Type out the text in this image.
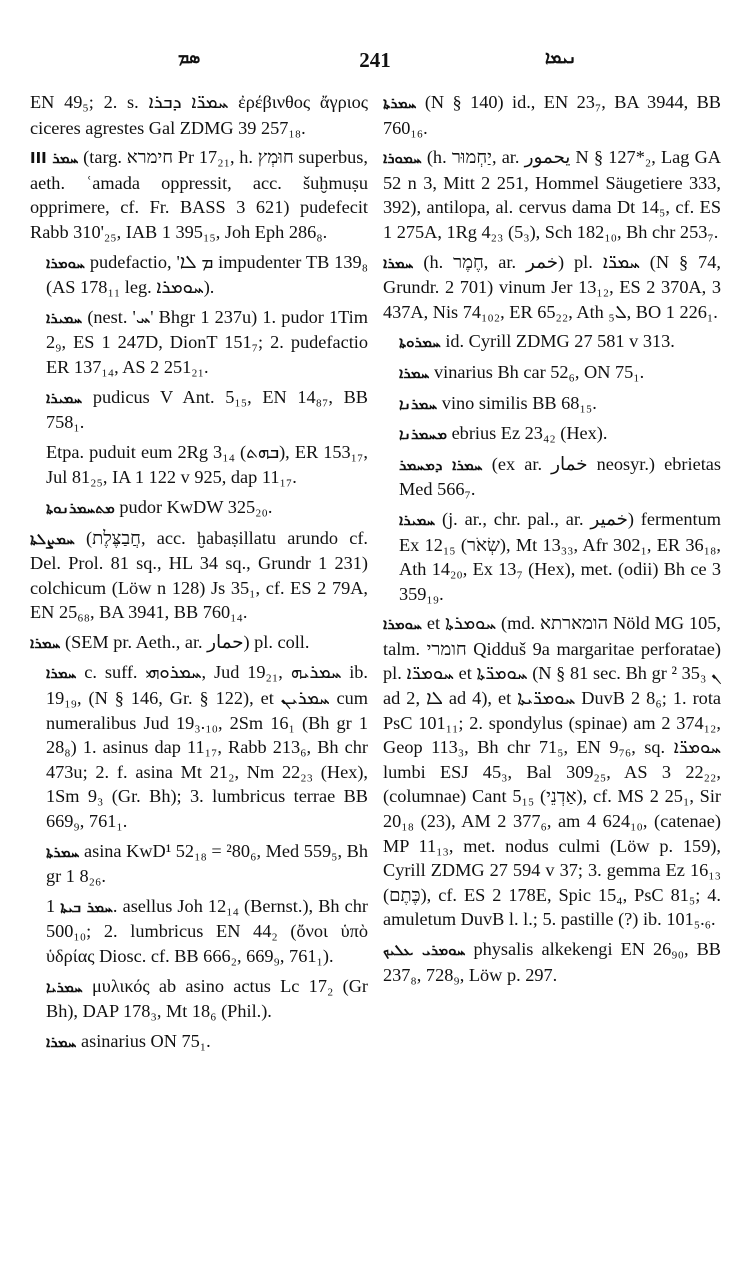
ܣܡ	241	ܢܝܡܐ

EN 49₅; 2. s. ܚܡܪ̈ܐ ܕܒܪܐ ἐρέβινθος ἄγριος ciceres agrestes Gal ZDMG 39 257₁₈.

III ܚܡܪ (targ. חימרא Pr 17₂₁, h. חוּמְץ superbus, aeth. ʿamada oppressit, acc. šuḫmuṣu opprimere, cf. Fr. BASS 3 621) pudefecit Rabb 310'₂₅, IAB 1 395₁₅, Joh Eph 286₈.

ܚܘܡܪܐ pudefactio, 'ܡ ܠܐ impudenter TB 139₈ (AS 178₁₁ leg. ܚܘܡܪܐ).

ܚܡܝܪܐ (nest. 'ܚ' Bhgr 1 237u) 1. pudor 1Tim 2₉, ES 1 247D, DionT 151₇; 2. pudefactio ER 137₁₄, AS 2 251₂₁.

ܚܡܝܪܐ pudicus V Ant. 5₁₅, EN 14₈₇, BB 758₁.

Etpa. puduit eum 2Rg 3₁₄ (ܒܗܬ), ER 153₁₇, Jul 81₂₅, IA 1 122 v 925, dap 11₁₇.

ܡܬܚܡܪܢܘܬܐ pudor KwDW 325₂₀.

ܚܡܨܠܬܐ (חֲבַצֶּלֶת, acc. ḫabaṣillatu arundo cf. Del. Prol. 81 sq., HL 34 sq., Grundr 1 231) colchicum (Löw n 128) Js 35₁, cf. ES 2 79A, EN 25₆₈, BA 3941, BB 760₁₄.

ܚܡܪܐ (SEM pr. Aeth., ar. حمار) pl. coll.

ܚܡܪܐ c. suff. ܚܡܪܘܗܝ, Jud 19₂₁, ܚܡܪܝܗ ib. 19₁₉, (N § 146, Gr. § 122), et ܚܡܪܝܢ cum numeralibus Jud 19₃.₁₀, 2Sm 16₁ (Bh gr 1 28₈) 1. asinus dap 11₁₇, Rabb 213₆, Bh chr 473u; 2. f. asina Mt 21₂, Nm 22₂₃ (Hex), 1Sm 9₃ (Gr. Bh); 3. lumbricus terrae BB 669₉, 761₁.

ܚܡܪܬܐ asina KwD¹ 52₁₈ = ²80₆, Med 559₅, Bh gr 1 8₂₆.

ܚܡܪ ܒܝܬܐ 1. asellus Joh 12₁₄ (Bernst.), Bh chr 500₁₀; 2. lumbricus EN 44₂ (ὄνοι ὑπὸ ὑδρίας Diosc. cf. BB 666₂, 669₉, 761₁).

ܚܡܪܝܐ μυλικός ab asino actus Lc 17₂ (Gr Bh), DAP 178₃, Mt 18₆ (Phil.).

ܚܡܪܐ asinarius ON 75₁.

ܚܡܪܬܐ (N § 140) id., EN 23₇, BA 3944, BB 760₁₆.

ܚܡܘܪܐ (h. יַחְמוּר, ar. يحمور N § 127*₂, Lag GA 52 n 3, Mitt 2 251, Hommel Säugetiere 333, 392), antilopa, al. cervus dama Dt 14₅, cf. ES 1 275A, 1Rg 4₂₃ (5₃), Sch 182₁₀, Bh chr 253₇.

ܚܡܪܐ (h. חֶמֶר, ar. خمر) pl. ܚܡܪ̈ܐ (N § 74, Grundr. 2 701) vinum Jer 13₁₂, ES 2 370A, 3 437A, Nis 74₁₀₂, ER 65₂₂, Ath ܠ₅, BO 1 226₁.

ܚܡܪܘܬܐ id. Cyrill ZDMG 27 581 v 313.

ܚܡܪܐ vinarius Bh car 52₆, ON 75₁.

ܚܡܪܢܐ vino similis BB 68₁₅.

ܡܚܡܪܢܐ ebrius Ez 23₄₂ (Hex).

ܚܡܪܐ ܕܡܚܡܪ (ex ar. خمار neosyr.) ebrietas Med 566₇.

ܚܡܝܪܐ (j. ar., chr. pal., ar. خمير) fermentum Ex 12₁₅ (שְׂאֹר), Mt 13₃₃, Afr 302₁, ER 36₁₈, Ath 14₂₀, Ex 13₇ (Hex), met. (odii) Bh ce 3 359₁₉.

ܚܘܡܪܐ et ܚܘܡܪܬܐ (md. הומארתא Nöld MG 105, talm. חומרי Qidduš 9a margaritae perforatae) pl. ܚܘܡܪ̈ܐ et ܚܘܡܪ̈ܬܐ (N § 81 sec. Bh gr ² 35₃ ܢ ad 2, ܠܐ ad 4), et ܚܘܡܪ̈ܝܬܐ DuvB 2 8₆; 1. rota PsC 101₁₁; 2. spondylus (spinae) am 2 374₁₂, Geop 113₃, Bh chr 71₅, EN 9₇₆, sq. ܚܘܡܪ̈ܐ lumbi ESJ 45₃, Bal 309₂₅, AS 3 22₂₂, (columnae) Cant 5₁₅ (אַדְנֵי), cf. MS 2 25₁, Sir 20₁₈ (23), AM 2 377₆, am 4 624₁₀, (catenae) MP 11₁₃, met. nodus culmi (Löw p. 159), Cyrill ZDMG 27 594 v 37; 3. gemma Ez 16₁₃ (כֶּתֶם), cf. ES 2 178E, Spic 15₄, PsC 81₅; 4. amuletum DuvB l. l.; 5. pastille (?) ib. 101₅.₆.

ܚܘܡܪܝ ܥܠܝܟ physalis alkekengi EN 26₉₀, BB 237₈, 728₉, Löw p. 297.
